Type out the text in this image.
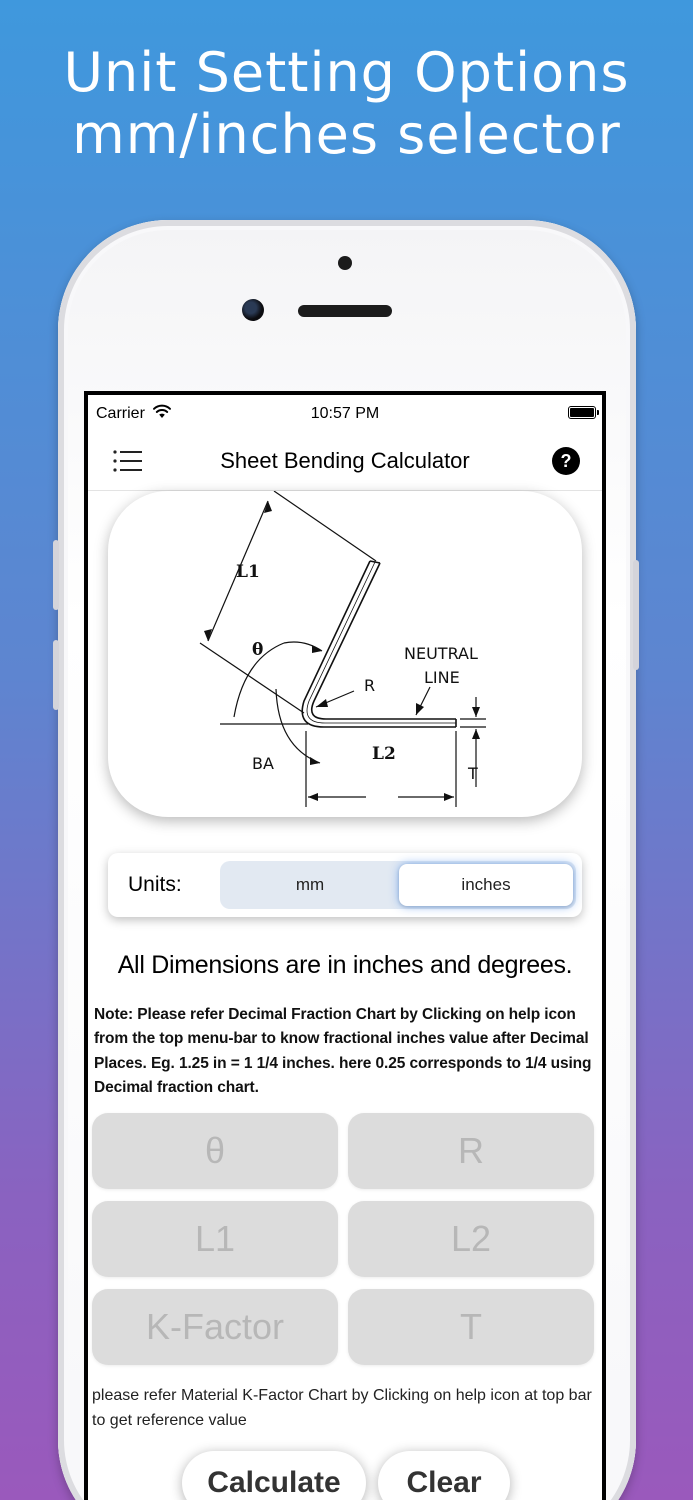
Unit Setting Options
mm/inches selector
Carrier	10:57 PM
Sheet Bending Calculator	?
L1
θ
L2
R
NEUTRAL
LINE
BA
T
Units:	mm	inches
All Dimensions are in inches and degrees.
Note: Please refer Decimal Fraction Chart by Clicking on help icon from the top menu-bar to know fractional inches value after Decimal Places. Eg. 1.25 in = 1 1/4 inches. here 0.25 corresponds to 1/4 using Decimal fraction chart.
θ
R
L1
L2
K-Factor
T
please refer Material K-Factor Chart by Clicking on help icon at top bar to get reference value
Calculate	Clear
